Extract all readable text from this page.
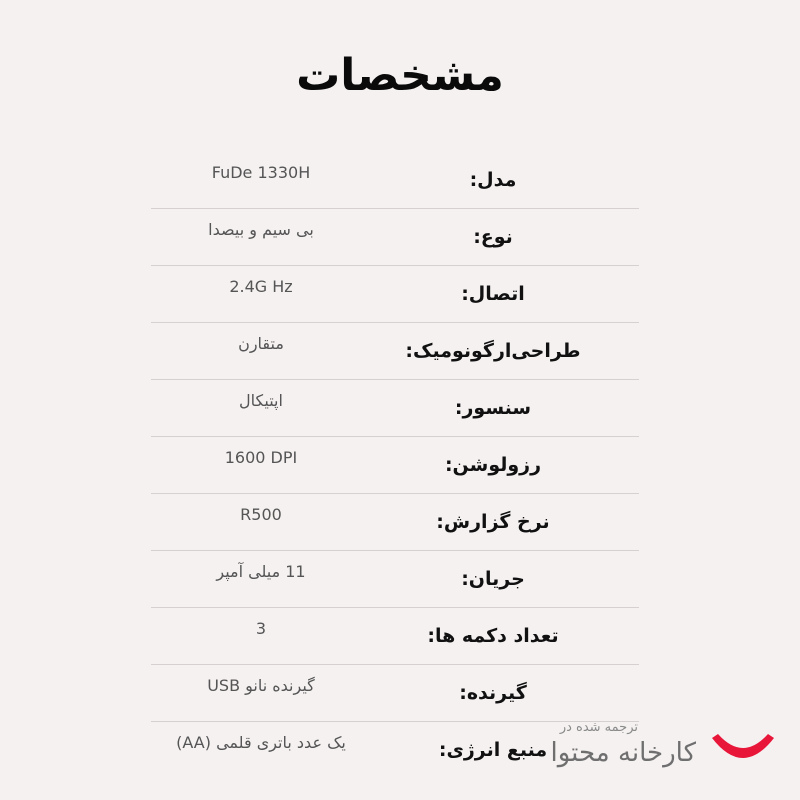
مشخصات
مدل:
FuDe 1330H
نوع:
بی سیم و بیصدا
اتصال:
2.4G Hz
طراحی‌ارگونومیک:
متقارن
سنسور:
اپتیکال
رزولوشن:
1600 DPI
نرخ گزارش:
R500
جریان:
11 میلی آمپر
تعداد دکمه ها:
3
گیرنده:
گیرنده نانو USB
منبع انرژی:
یک عدد باتری قلمی (AA)
ترجمه شده در
کارخانه محتوا
